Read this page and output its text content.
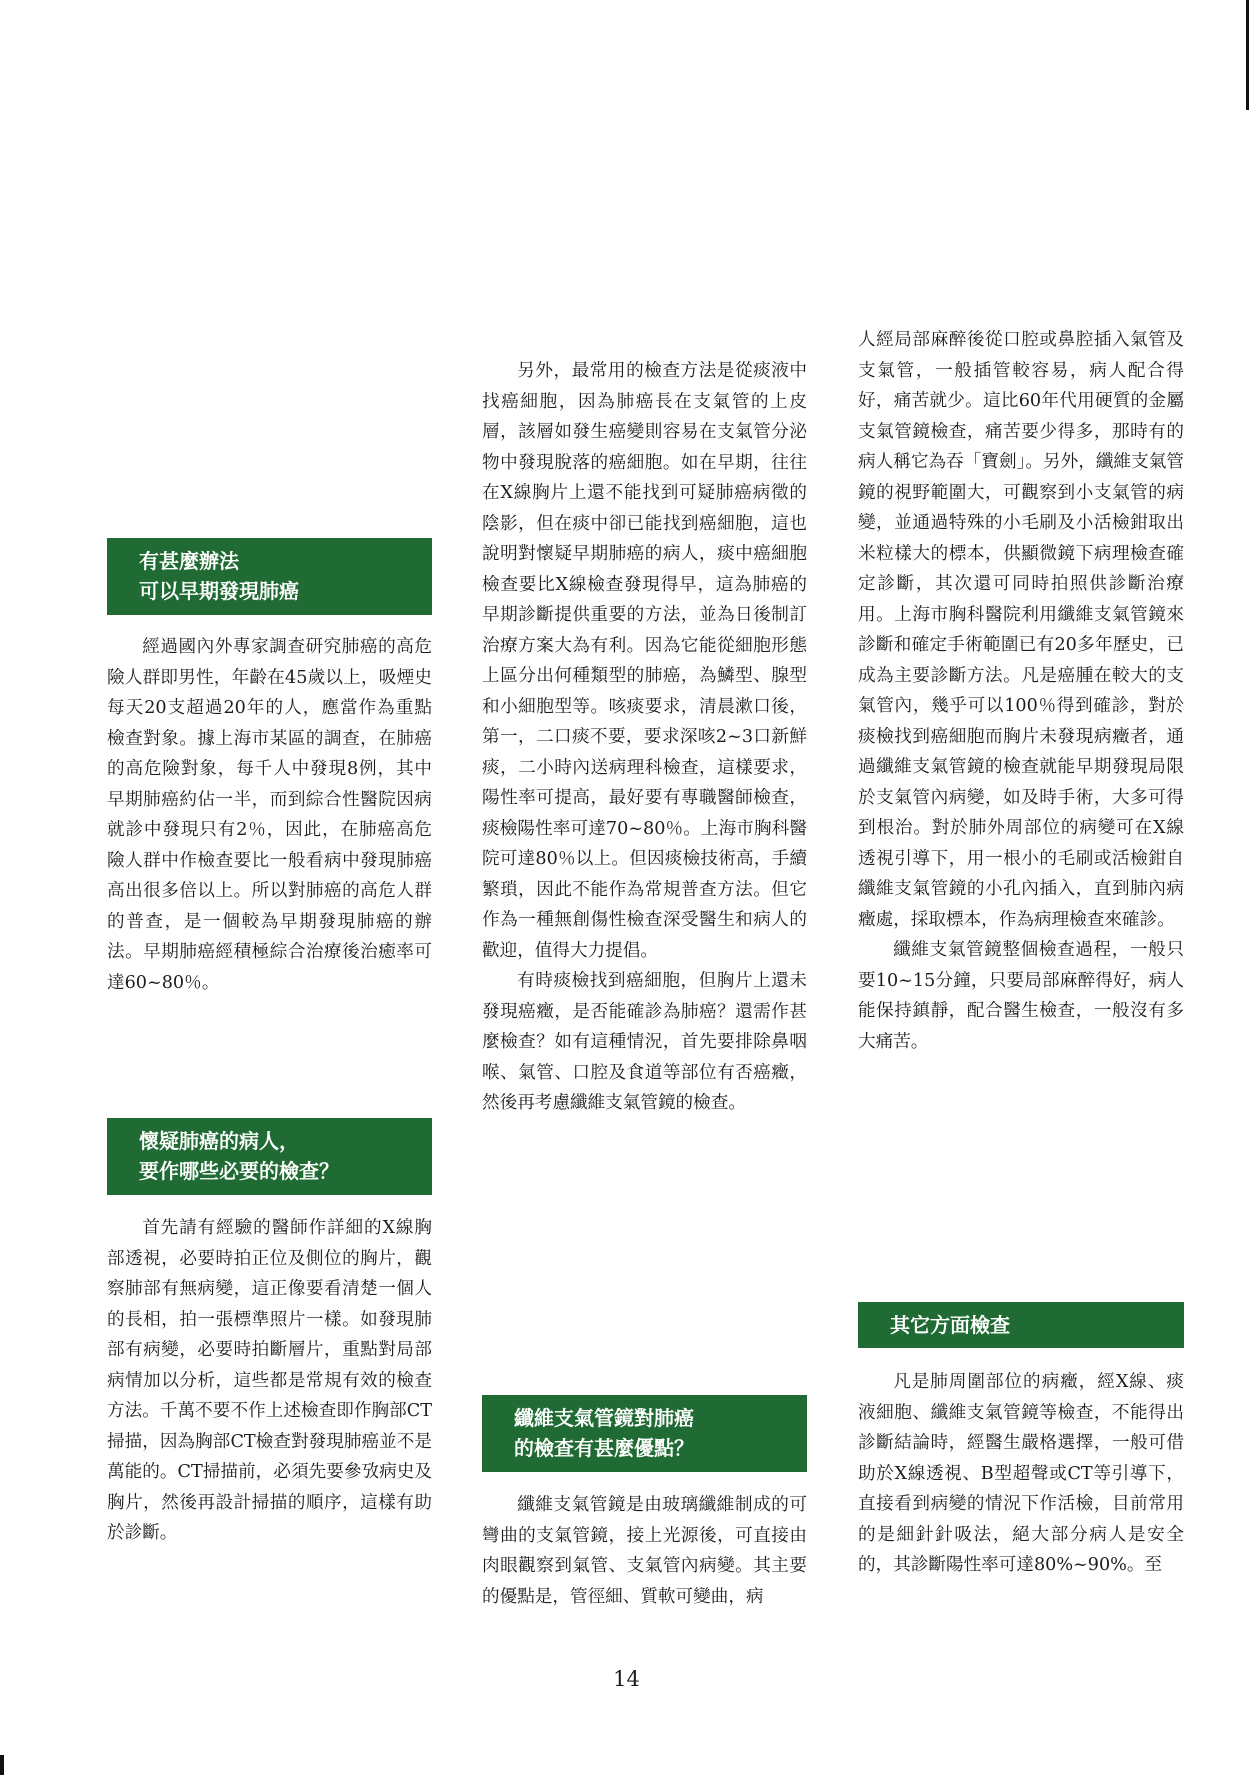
有甚麼辦法
可以早期發現肺癌

經過國內外專家調查研究肺癌的高危險人群即男性，年齡在45歲以上，吸煙史每天20支超過20年的人，應當作為重點檢查對象。據上海市某區的調查，在肺癌的高危險對象，每千人中發現8例，其中早期肺癌約佔一半，而到綜合性醫院因病就診中發現只有2％，因此，在肺癌高危險人群中作檢查要比一般看病中發現肺癌高出很多倍以上。所以對肺癌的高危人群的普查，是一個較為早期發現肺癌的辦法。早期肺癌經積極綜合治療後治癒率可達60~80％。

懷疑肺癌的病人，
要作哪些必要的檢查？

首先請有經驗的醫師作詳細的X線胸部透視，必要時拍正位及側位的胸片，觀察肺部有無病變，這正像要看清楚一個人的長相，拍一張標準照片一樣。如發現肺部有病變，必要時拍斷層片，重點對局部病情加以分析，這些都是常規有效的檢查方法。千萬不要不作上述檢查即作胸部CT掃描，因為胸部CT檢查對發現肺癌並不是萬能的。CT掃描前，必須先要參攷病史及胸片，然後再設計掃描的順序，這樣有助於診斷。

另外，最常用的檢查方法是從痰液中找癌細胞，因為肺癌長在支氣管的上皮層，該層如發生癌變則容易在支氣管分泌物中發現脫落的癌細胞。如在早期，往往在X線胸片上還不能找到可疑肺癌病徵的陰影，但在痰中卻已能找到癌細胞，這也說明對懷疑早期肺癌的病人，痰中癌細胞檢查要比X線檢查發現得早，這為肺癌的早期診斷提供重要的方法，並為日後制訂治療方案大為有利。因為它能從細胞形態上區分出何種類型的肺癌，為鱗型、腺型和小細胞型等。咳痰要求，清晨漱口後，第一，二口痰不要，要求深咳2~3口新鮮痰，二小時內送病理科檢查，這樣要求，陽性率可提高，最好要有專職醫師檢查，痰檢陽性率可達70~80％。上海市胸科醫院可達80％以上。但因痰檢技術高，手續繁瑣，因此不能作為常規普查方法。但它作為一種無創傷性檢查深受醫生和病人的歡迎，值得大力提倡。

有時痰檢找到癌細胞，但胸片上還未發現癌癥，是否能確診為肺癌？還需作甚麼檢查？如有這種情況，首先要排除鼻咽喉、氣管、口腔及食道等部位有否癌癥，然後再考慮纖維支氣管鏡的檢查。

纖維支氣管鏡對肺癌
的檢查有甚麼優點？

纖維支氣管鏡是由玻璃纖維制成的可彎曲的支氣管鏡，接上光源後，可直接由肉眼觀察到氣管、支氣管內病變。其主要的優點是，管徑細、質軟可變曲，病

人經局部麻醉後從口腔或鼻腔插入氣管及支氣管，一般插管較容易，病人配合得好，痛苦就少。這比60年代用硬質的金屬支氣管鏡檢查，痛苦要少得多，那時有的病人稱它為吞「寶劍」。另外，纖維支氣管鏡的視野範圍大，可觀察到小支氣管的病變，並通過特殊的小毛刷及小活檢鉗取出米粒樣大的標本，供顯微鏡下病理檢查確定診斷，其次還可同時拍照供診斷治療用。上海市胸科醫院利用纖維支氣管鏡來診斷和確定手術範圍已有20多年歷史，已成為主要診斷方法。凡是癌腫在較大的支氣管內，幾乎可以100％得到確診，對於痰檢找到癌細胞而胸片未發現病癥者，通過纖維支氣管鏡的檢查就能早期發現局限於支氣管內病變，如及時手術，大多可得到根治。對於肺外周部位的病變可在X線透視引導下，用一根小的毛刷或活檢鉗自纖維支氣管鏡的小孔內插入，直到肺內病癥處，採取標本，作為病理檢查來確診。

纖維支氣管鏡整個檢查過程，一般只要10~15分鐘，只要局部麻醉得好，病人能保持鎮靜，配合醫生檢查，一般沒有多大痛苦。

其它方面檢查

凡是肺周圍部位的病癥，經X線、痰液細胞、纖維支氣管鏡等檢查，不能得出診斷結論時，經醫生嚴格選擇，一般可借助於X線透視、B型超聲或CT等引導下，直接看到病變的情況下作活檢，目前常用的是細針針吸法，絕大部分病人是安全的，其診斷陽性率可達80%~90%。至

14
